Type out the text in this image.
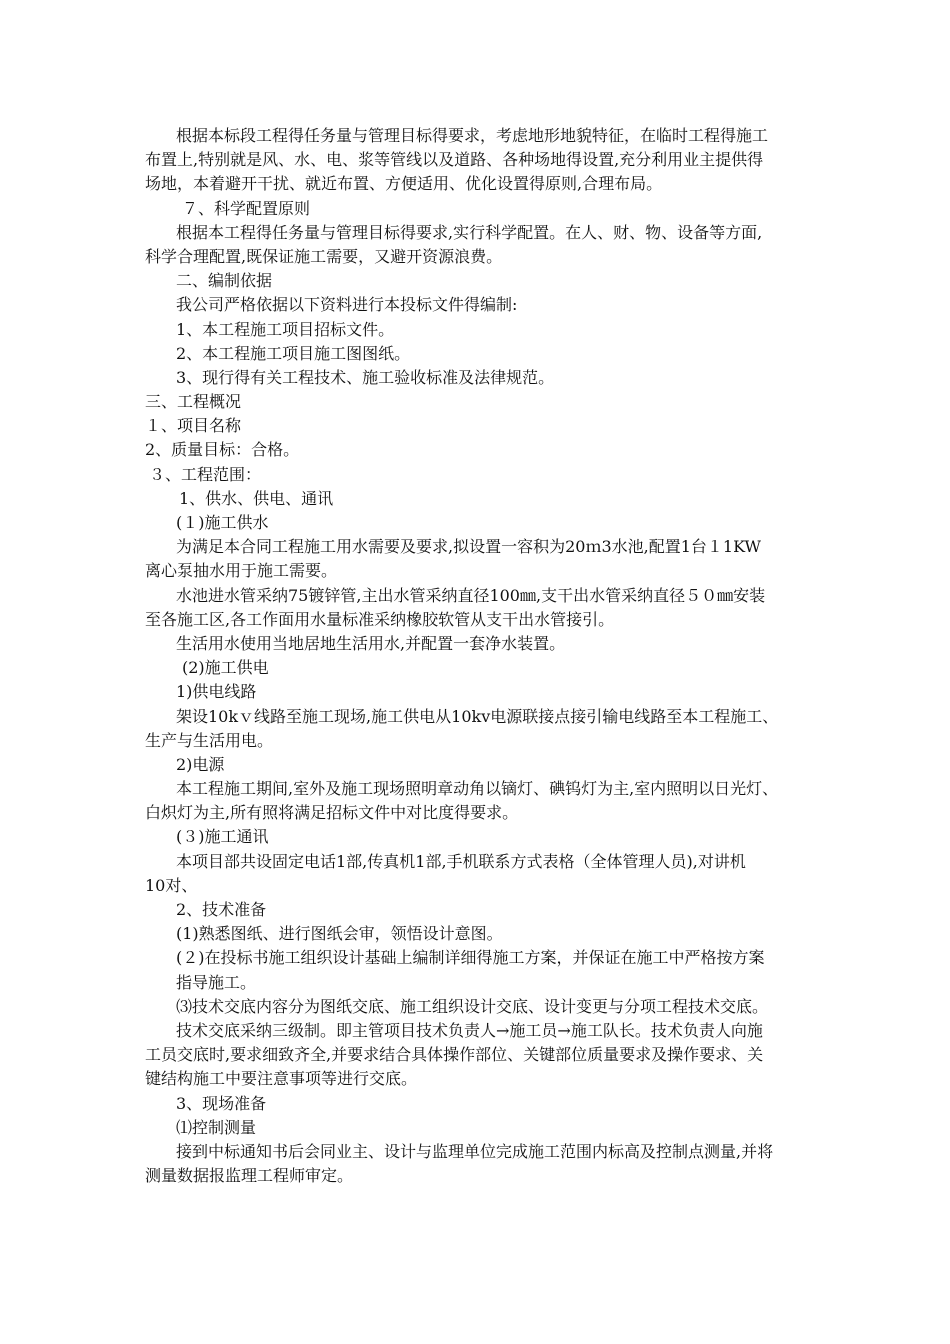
根据本标段工程得任务量与管理目标得要求，考虑地形地貌特征，在临时工程得施工
布置上,特别就是风、水、电、浆等管线以及道路、各种场地得设置,充分利用业主提供得
场地，本着避开干扰、就近布置、方便适用、优化设置得原则,合理布局。
７、科学配置原则
根据本工程得任务量与管理目标得要求,实行科学配置。在人、财、物、设备等方面,
科学合理配置,既保证施工需要，又避开资源浪费。
二、编制依据
我公司严格依据以下资料进行本投标文件得编制:
1、本工程施工项目招标文件。
2、本工程施工项目施工图图纸。
3、现行得有关工程技术、施工验收标准及法律规范。
三、工程概况
１、项目名称
2、质量目标：合格。
３、工程范围：
1、供水、供电、通讯
(１)施工供水
为满足本合同工程施工用水需要及要求,拟设置一容积为20ｍ3水池,配置1台１1KW
离心泵抽水用于施工需要。
水池进水管采纳75镀锌管,主出水管采纳直径100㎜,支干出水管采纳直径５０㎜安装
至各施工区,各工作面用水量标准采纳橡胶软管从支干出水管接引。
生活用水使用当地居地生活用水,并配置一套净水装置。
(2)施工供电
1)供电线路
架设10kｖ线路至施工现场,施工供电从10kv电源联接点接引输电线路至本工程施工、
生产与生活用电。
2)电源
本工程施工期间,室外及施工现场照明章动角以镝灯、碘钨灯为主,室内照明以日光灯、
白炽灯为主,所有照将满足招标文件中对比度得要求。
(３)施工通讯
本项目部共设固定电话1部,传真机1部,手机联系方式表格（全体管理人员),对讲机
10对、
2、技术准备
(1)熟悉图纸、进行图纸会审，领悟设计意图。
(２)在投标书施工组织设计基础上编制详细得施工方案，并保证在施工中严格按方案
指导施工。
⑶技术交底内容分为图纸交底、施工组织设计交底、设计变更与分项工程技术交底。
技术交底采纳三级制。即主管项目技术负责人→施工员→施工队长。技术负责人向施
工员交底时,要求细致齐全,并要求结合具体操作部位、关键部位质量要求及操作要求、关
键结构施工中要注意事项等进行交底。
3、现场准备
⑴控制测量
接到中标通知书后会同业主、设计与监理单位完成施工范围内标高及控制点测量,并将
测量数据报监理工程师审定。
